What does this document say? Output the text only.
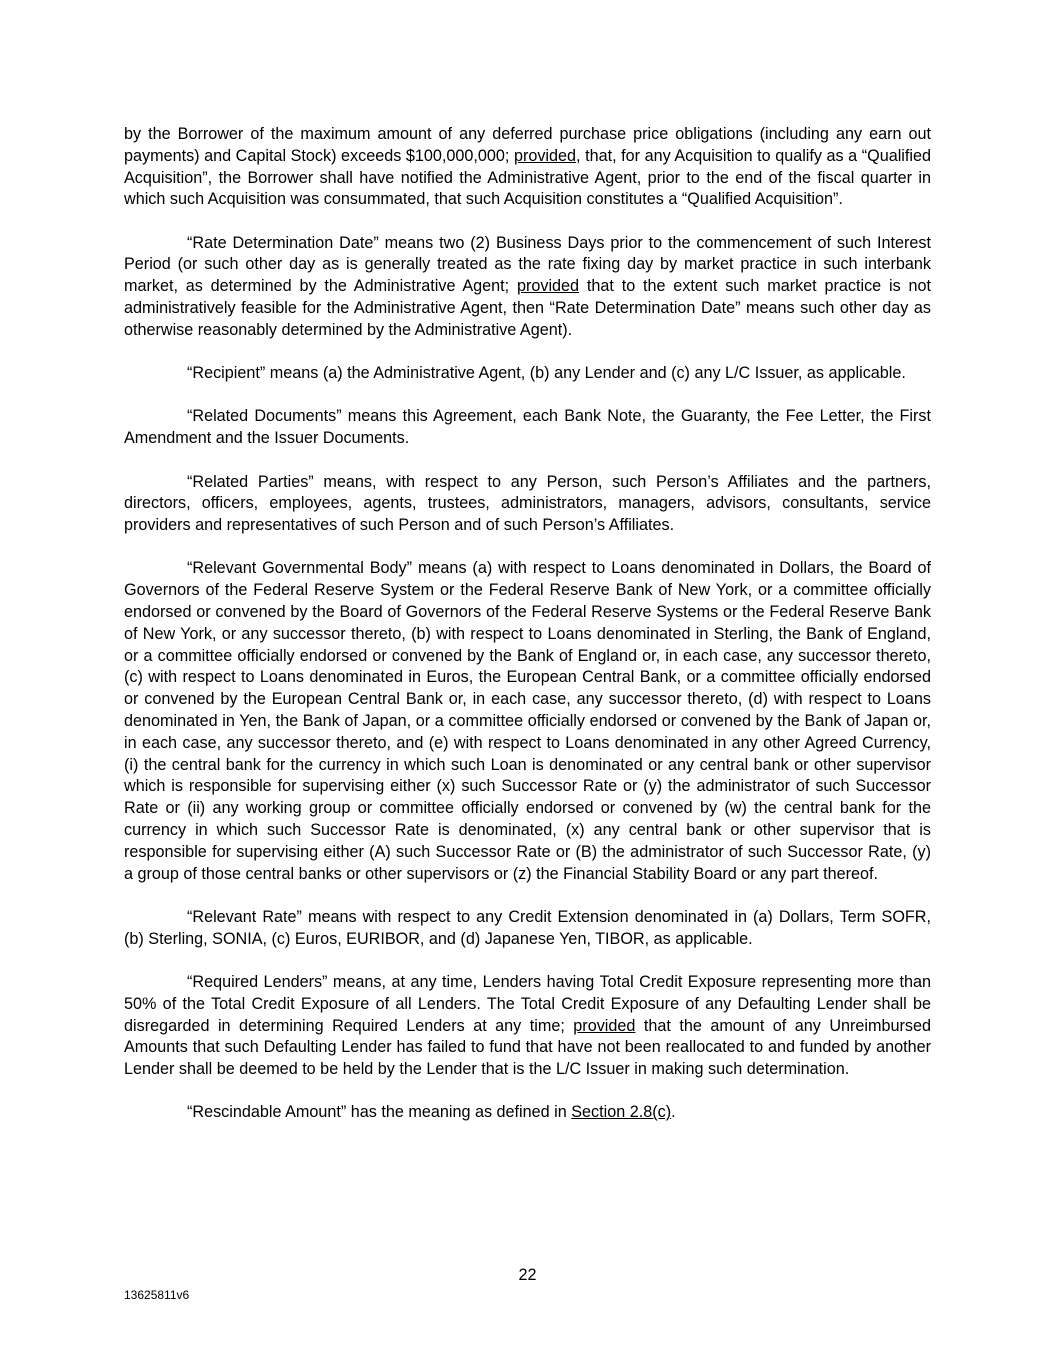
by the Borrower of the maximum amount of any deferred purchase price obligations (including any earn out payments) and Capital Stock) exceeds $100,000,000; provided, that, for any Acquisition to qualify as a “Qualified Acquisition”, the Borrower shall have notified the Administrative Agent, prior to the end of the fiscal quarter in which such Acquisition was consummated, that such Acquisition constitutes a “Qualified Acquisition”.

“Rate Determination Date” means two (2) Business Days prior to the commencement of such Interest Period (or such other day as is generally treated as the rate fixing day by market practice in such interbank market, as determined by the Administrative Agent; provided that to the extent such market practice is not administratively feasible for the Administrative Agent, then “Rate Determination Date” means such other day as otherwise reasonably determined by the Administrative Agent).

“Recipient” means (a) the Administrative Agent, (b) any Lender and (c) any L/C Issuer, as applicable.

“Related Documents” means this Agreement, each Bank Note, the Guaranty, the Fee Letter, the First Amendment and the Issuer Documents.

“Related Parties” means, with respect to any Person, such Person’s Affiliates and the partners, directors, officers, employees, agents, trustees, administrators, managers, advisors, consultants, service providers and representatives of such Person and of such Person’s Affiliates.

“Relevant Governmental Body” means (a) with respect to Loans denominated in Dollars, the Board of Governors of the Federal Reserve System or the Federal Reserve Bank of New York, or a committee officially endorsed or convened by the Board of Governors of the Federal Reserve Systems or the Federal Reserve Bank of New York, or any successor thereto, (b) with respect to Loans denominated in Sterling, the Bank of England, or a committee officially endorsed or convened by the Bank of England or, in each case, any successor thereto, (c) with respect to Loans denominated in Euros, the European Central Bank, or a committee officially endorsed or convened by the European Central Bank or, in each case, any successor thereto, (d) with respect to Loans denominated in Yen, the Bank of Japan, or a committee officially endorsed or convened by the Bank of Japan or, in each case, any successor thereto, and (e) with respect to Loans denominated in any other Agreed Currency, (i) the central bank for the currency in which such Loan is denominated or any central bank or other supervisor which is responsible for supervising either (x) such Successor Rate or (y) the administrator of such Successor Rate or (ii) any working group or committee officially endorsed or convened by (w) the central bank for the currency in which such Successor Rate is denominated, (x) any central bank or other supervisor that is responsible for supervising either (A) such Successor Rate or (B) the administrator of such Successor Rate, (y) a group of those central banks or other supervisors or (z) the Financial Stability Board or any part thereof.

“Relevant Rate” means with respect to any Credit Extension denominated in (a) Dollars, Term SOFR, (b) Sterling, SONIA, (c) Euros, EURIBOR, and (d) Japanese Yen, TIBOR, as applicable.

“Required Lenders” means, at any time, Lenders having Total Credit Exposure representing more than 50% of the Total Credit Exposure of all Lenders. The Total Credit Exposure of any Defaulting Lender shall be disregarded in determining Required Lenders at any time; provided that the amount of any Unreimbursed Amounts that such Defaulting Lender has failed to fund that have not been reallocated to and funded by another Lender shall be deemed to be held by the Lender that is the L/C Issuer in making such determination.

“Rescindable Amount” has the meaning as defined in Section 2.8(c).

22
13625811v6
